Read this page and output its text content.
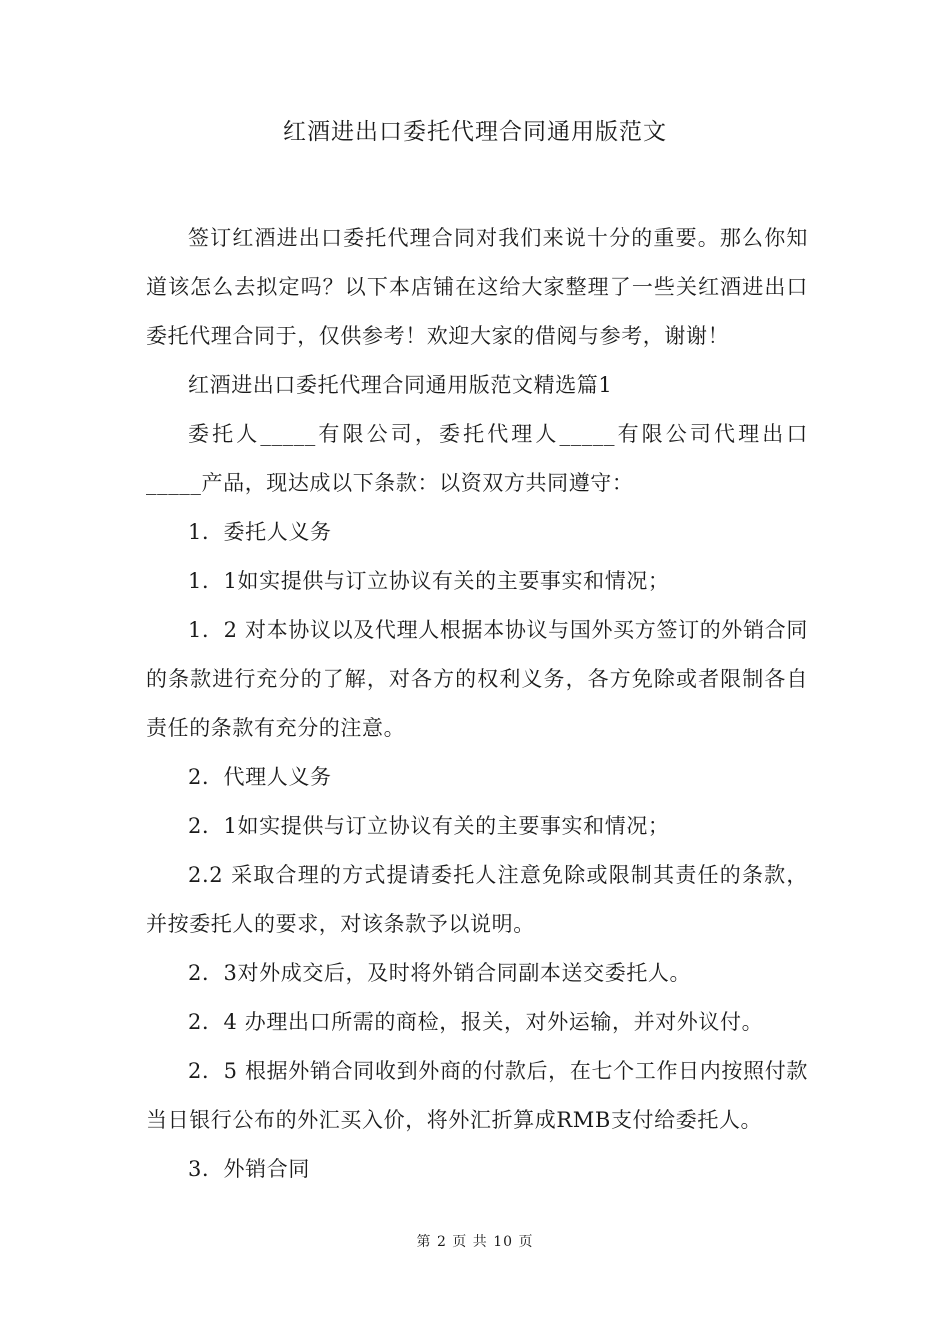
红酒进出口委托代理合同通用版范文

签订红酒进出口委托代理合同对我们来说十分的重要。那么你知道该怎么去拟定吗？以下本店铺在这给大家整理了一些关红酒进出口委托代理合同于，仅供参考！欢迎大家的借阅与参考，谢谢！

红酒进出口委托代理合同通用版范文精选篇1

委托人_____有限公司，委托代理人_____有限公司代理出口_____产品，现达成以下条款：以资双方共同遵守：

1．委托人义务

1．1如实提供与订立协议有关的主要事实和情况；

1．2 对本协议以及代理人根据本协议与国外买方签订的外销合同的条款进行充分的了解，对各方的权利义务，各方免除或者限制各自责任的条款有充分的注意。

2．代理人义务

2．1如实提供与订立协议有关的主要事实和情况；

2.2 采取合理的方式提请委托人注意免除或限制其责任的条款，并按委托人的要求，对该条款予以说明。

2．3对外成交后，及时将外销合同副本送交委托人。

2．4 办理出口所需的商检，报关，对外运输，并对外议付。

2．5 根据外销合同收到外商的付款后，在七个工作日内按照付款当日银行公布的外汇买入价，将外汇折算成RMB支付给委托人。

3．外销合同

第 2 页 共 10 页
